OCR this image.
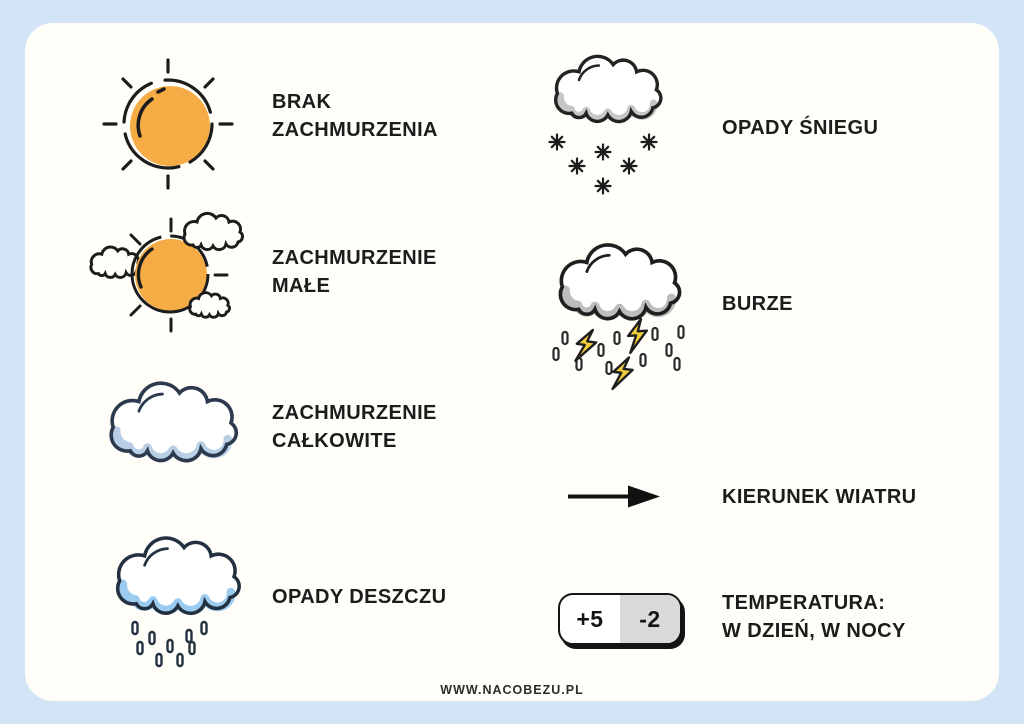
BRAK
ZACHMURZENIA
ZACHMURZENIE
MAŁE
ZACHMURZENIE
CAŁKOWITE
OPADY DESZCZU
OPADY ŚNIEGU
BURZE
KIERUNEK WIATRU
+5	-2
TEMPERATURA:
W DZIEŃ, W NOCY
WWW.NACOBEZU.PL
